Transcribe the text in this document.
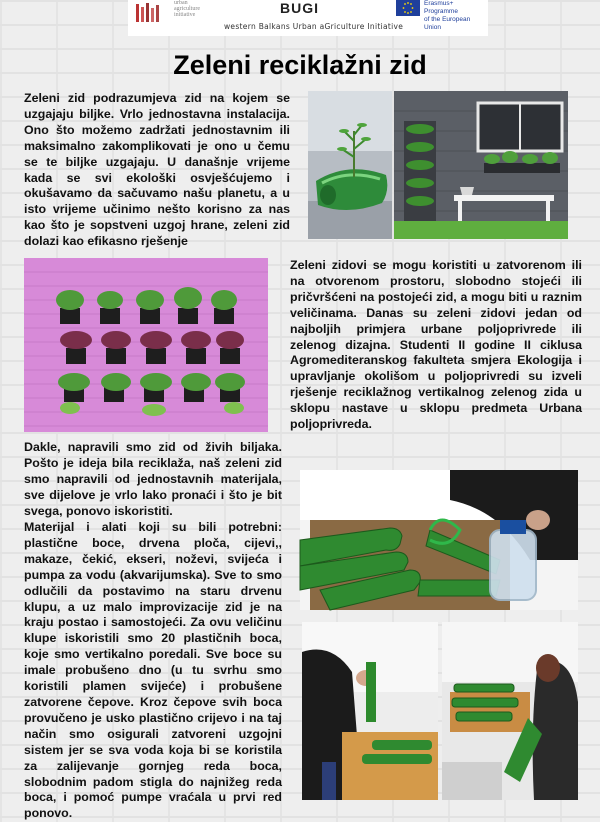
urban
agriculture
initiative	BUGI
western Balkans Urban aGriculture Initiative
Erasmus+ Programme
of the European Union
Zeleni reciklažni zid

Zeleni zid podrazumjeva zid na kojem se uzgajaju biljke. Vrlo jednostavna instalacija. Ono što možemo zadržati jednostavnim ili maksimalno zakomplikovati je ono u čemu se te biljke uzgajaju. U današnje vrijeme kada se svi ekološki osvješćujemo i okušavamo da sačuvamo našu planetu, a u isto vrijeme učinimo nešto korisno za nas kao što je sopstveni uzgoj hrane, zeleni zid dolazi kao efikasno rješenje

Zeleni zidovi se mogu koristiti u zatvorenom ili na otvorenom prostoru, slobodno stojeći ili pričvršćeni na postojeći zid, a mogu biti u raznim veličinama. Danas su zeleni zidovi jedan od najboljih primjera urbane poljoprivrede ili zelenog dizajna. Studenti II godine II ciklusa Agromediteranskog fakulteta smjera Ekologija i upravljanje okolišom u poljoprivredi su izveli rješenje reciklažnog vertikalnog zelenog zida u sklopu nastave u sklopu predmeta Urbana poljoprivreda.

Dakle, napravili smo zid od živih biljaka. Pošto je ideja bila reciklaža, naš zeleni zid smo napravili od jednostavnih materijala, sve dijelove je vrlo lako pronaći i što je bit svega, ponovo iskoristiti.

Materijal i alati koji su bili potrebni: plastične boce, drvena ploča, cijevi,, makaze, čekić, ekseri, noževi, svijeća i pumpa za vodu (akvarijumska). Sve to smo odlučili da postavimo na staru drvenu klupu, a uz malo improvizacije zid je na kraju postao i samostojeći. Za ovu veličinu klupe iskoristili smo 20 plastičnih boca, koje smo vertikalno poredali. Sve boce su imale probušeno dno (u tu svrhu smo koristili plamen svijeće) i probušene zatvorene čepove. Kroz čepove svih boca provučeno je usko plastično crijevo i na taj način smo osigurali zatvoreni uzgojni sistem jer se sva voda koja bi se koristila za zalijevanje gornjeg reda boca, slobodnim padom stigla do najnižeg reda boca, i pomoć pumpe vraćala u prvi red ponovo.
